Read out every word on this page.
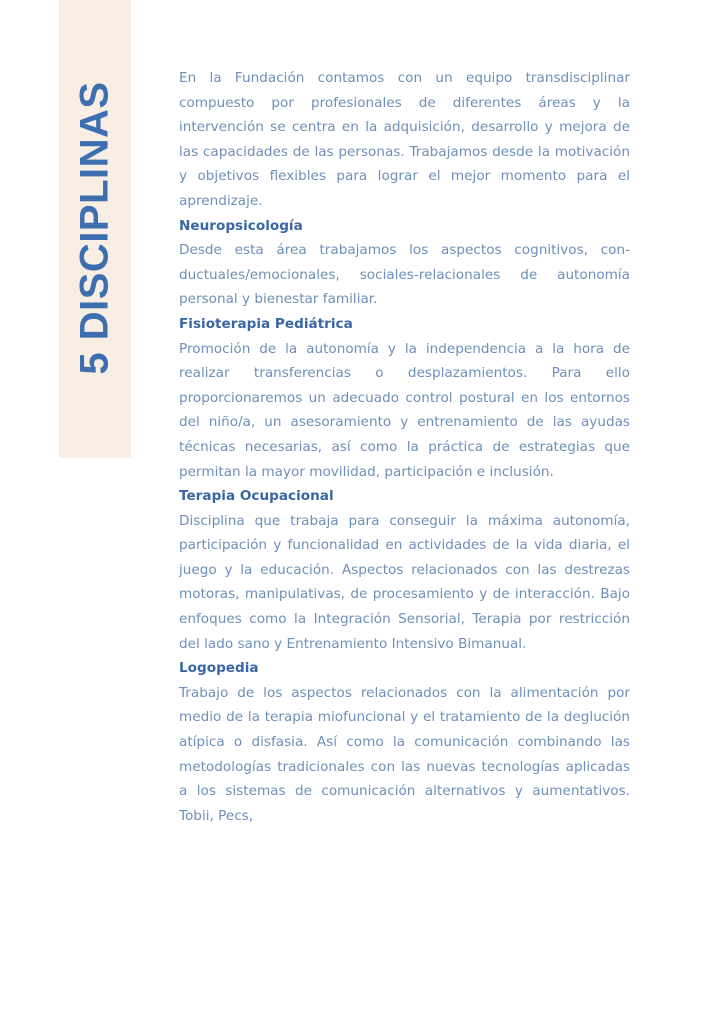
5 DISCIPLINAS

En la Fundación contamos con un equipo transdisciplinar compuesto por profesionales de diferentes áreas y la intervención se centra en la adquisición, desarrollo y mejora de las capacidades de las personas. Trabajamos desde la motivación y objetivos flexibles para lograr el mejor momento para el aprendizaje.

Neuropsicología

Desde esta área trabajamos los aspectos cognitivos, conductuales/emocionales, sociales-relacionales de autonomía personal y bienestar familiar.

Fisioterapia Pediátrica

Promoción de la autonomía y la independencia a la hora de realizar transferencias o desplazamientos. Para ello proporcionaremos un adecuado control postural en los entornos del niño/a, un asesoramiento y entrenamiento de las ayudas técnicas necesarias, así como la práctica de estrategias que permitan la mayor movilidad, participación e inclusión.

Terapia Ocupacional

Disciplina que trabaja para conseguir la máxima autonomía, participación y funcionalidad en actividades de la vida diaria, el juego y la educación. Aspectos relacionados con las destrezas motoras, manipulativas, de procesamiento y de interacción. Bajo enfoques como la Integración Sensorial, Terapia por restricción del lado sano y Entrenamiento Intensivo Bimanual.

Logopedia

Trabajo de los aspectos relacionados con la alimentación por medio de la terapia miofuncional y el tratamiento de la deglución atípica o disfasia. Así como la comunicación combinando las metodologías tradicionales con las nuevas tecnologías aplicadas a los sistemas de comunicación alternativos y aumentativos. Tobii, Pecs,
